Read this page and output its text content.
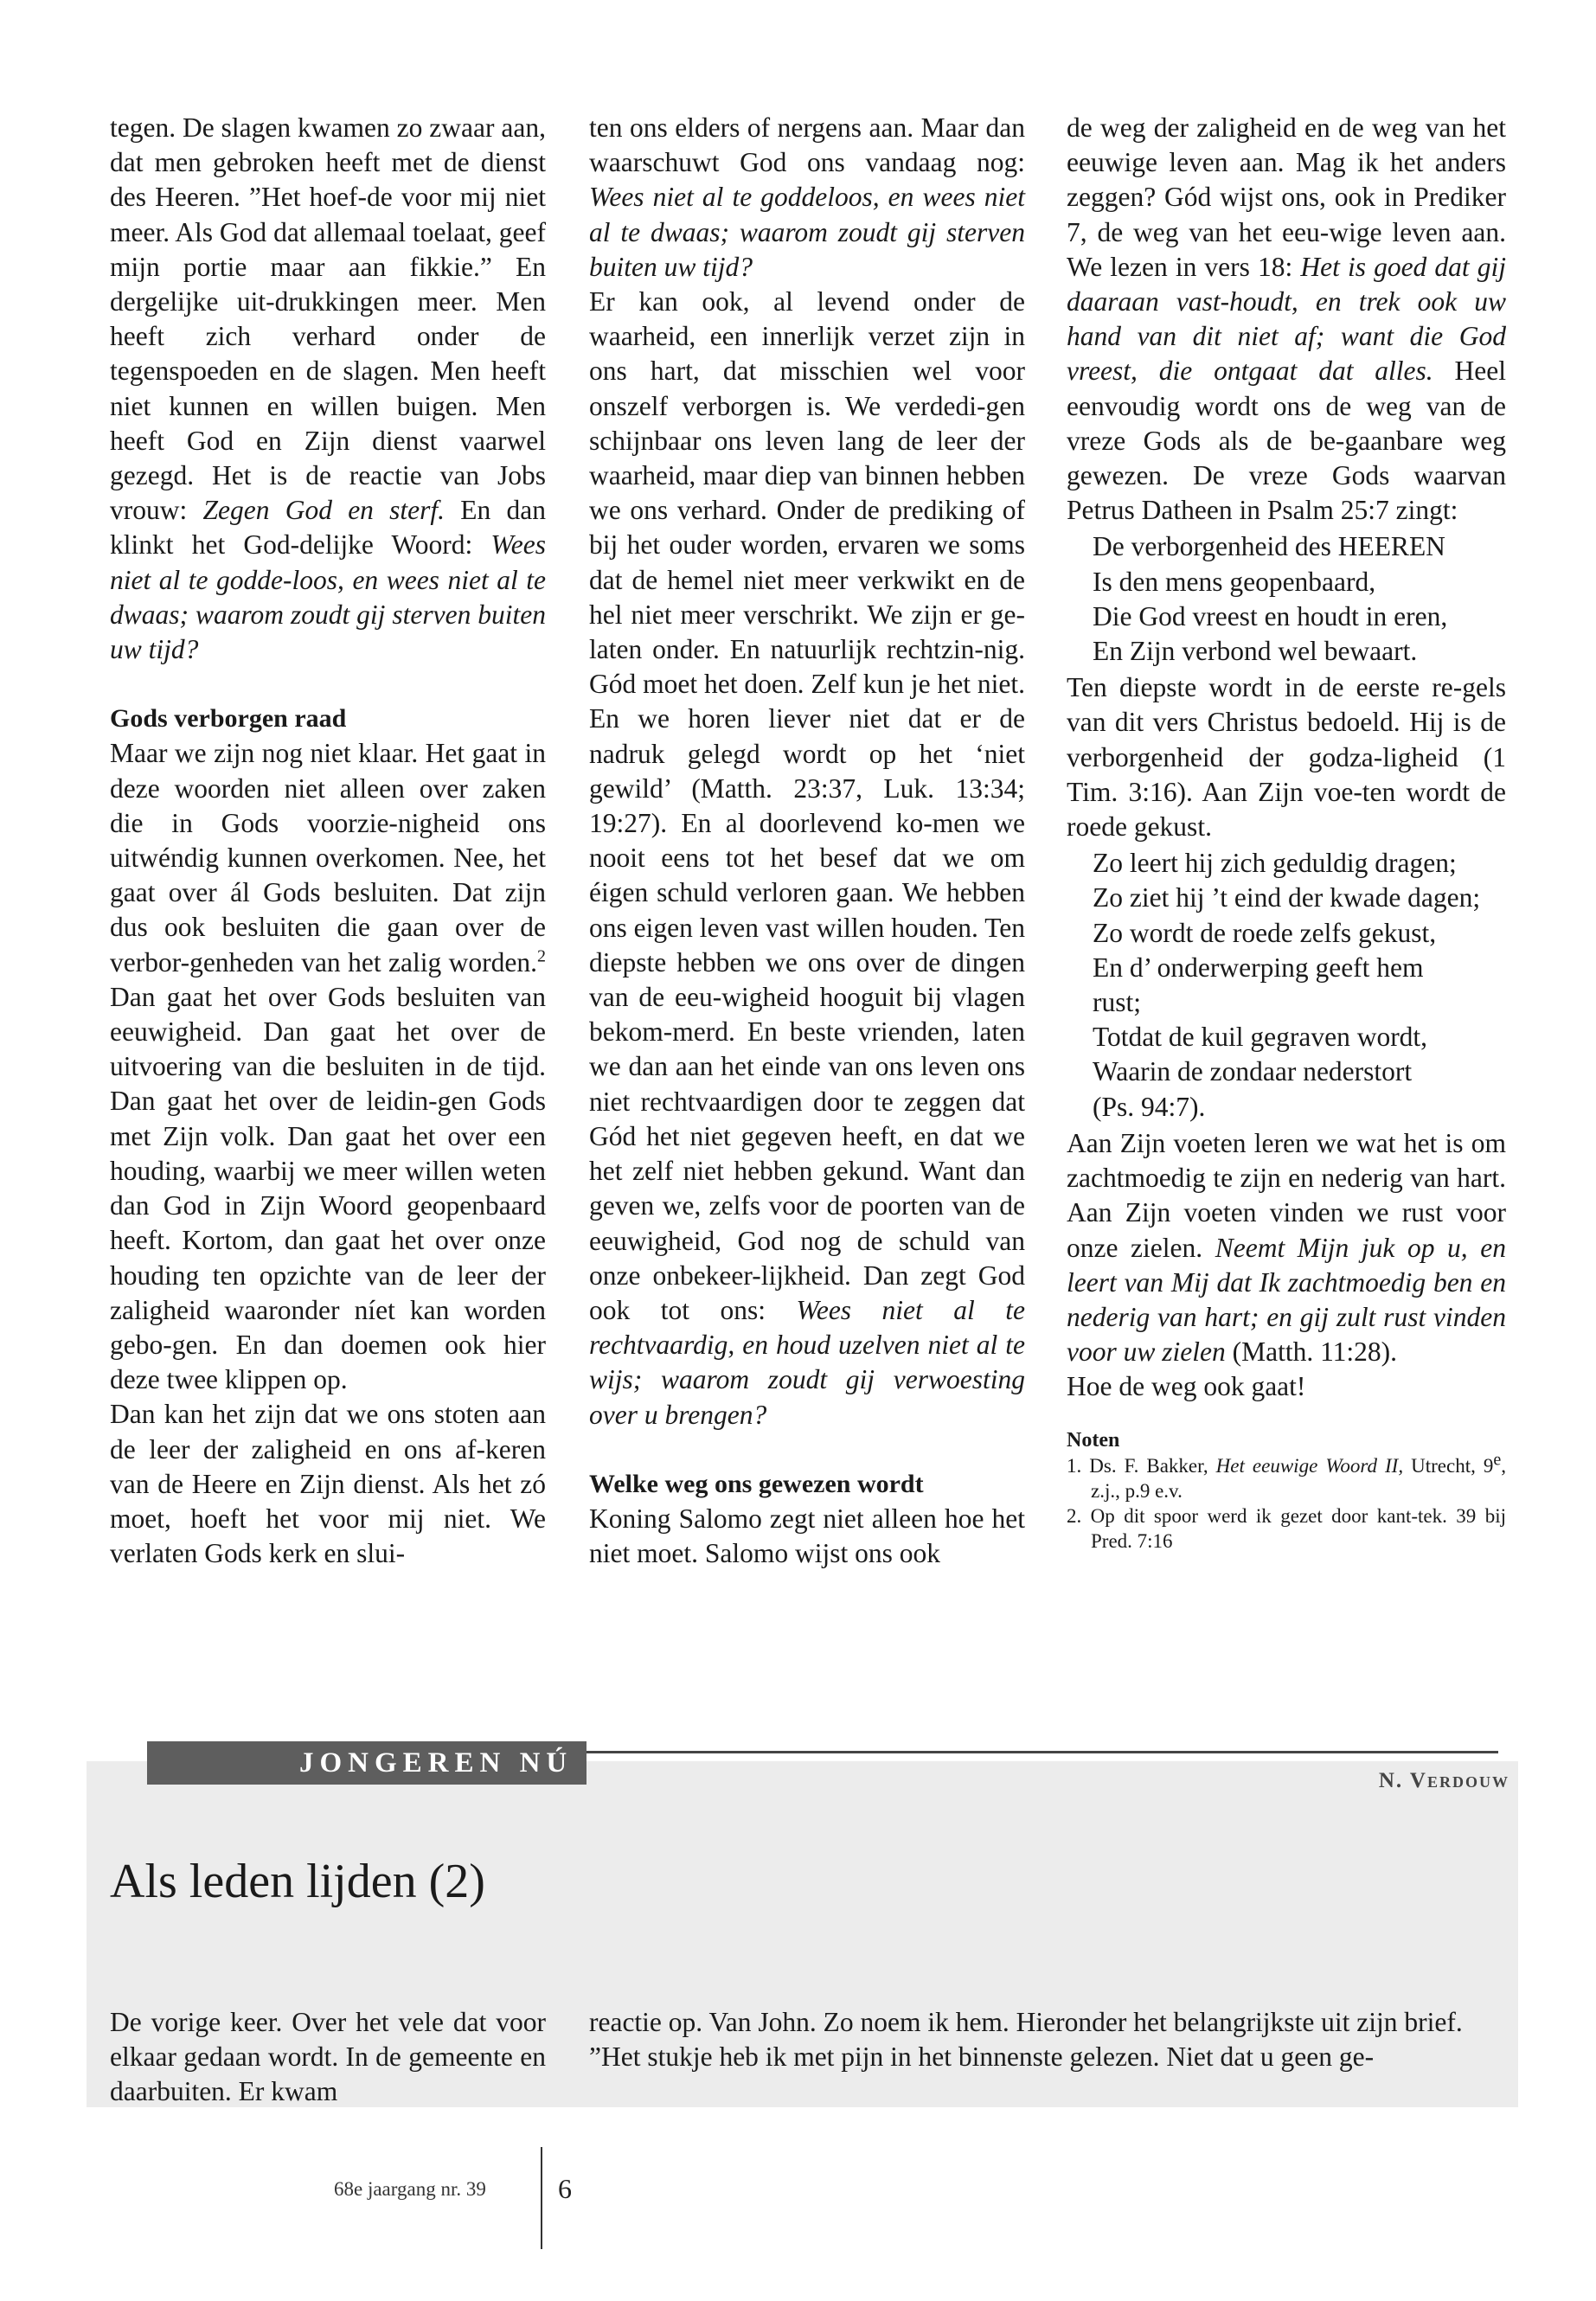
tegen. De slagen kwamen zo zwaar aan, dat men gebroken heeft met de dienst des Heeren. ”Het hoef-de voor mij niet meer. Als God dat allemaal toelaat, geef mijn portie maar aan fikkie.” En dergelijke uit-drukkingen meer. Men heeft zich verhard onder de tegenspoeden en de slagen. Men heeft niet kunnen en willen buigen. Men heeft God en Zijn dienst vaarwel gezegd. Het is de reactie van Jobs vrouw: Zegen God en sterf. En dan klinkt het God-delijke Woord: Wees niet al te godde-loos, en wees niet al te dwaas; waarom zoudt gij sterven buiten uw tijd?

Gods verborgen raad

Maar we zijn nog niet klaar. Het gaat in deze woorden niet alleen over zaken die in Gods voorzie-nigheid ons uitwéndig kunnen overkomen. Nee, het gaat over ál Gods besluiten. Dat zijn dus ook besluiten die gaan over de verbor-genheden van het zalig worden.$^2$ Dan gaat het over Gods besluiten van eeuwigheid. Dan gaat het over de uitvoering van die besluiten in de tijd. Dan gaat het over de leidin-gen Gods met Zijn volk. Dan gaat het over een houding, waarbij we meer willen weten dan God in Zijn Woord geopenbaard heeft. Kortom, dan gaat het over onze houding ten opzichte van de leer der zaligheid waaronder níet kan worden gebo-gen. En dan doemen ook hier deze twee klippen op.

Dan kan het zijn dat we ons stoten aan de leer der zaligheid en ons af-keren van de Heere en Zijn dienst. Als het zó moet, hoeft het voor mij niet. We verlaten Gods kerk en slui-

ten ons elders of nergens aan. Maar dan waarschuwt God ons vandaag nog: Wees niet al te goddeloos, en wees niet al te dwaas; waarom zoudt gij sterven buiten uw tijd?

Er kan ook, al levend onder de waarheid, een innerlijk verzet zijn in ons hart, dat misschien wel voor onszelf verborgen is. We verdedi-gen schijnbaar ons leven lang de leer der waarheid, maar diep van binnen hebben we ons verhard. Onder de prediking of bij het ouder worden, ervaren we soms dat de hemel niet meer verkwikt en de hel niet meer verschrikt. We zijn er ge-laten onder. En natuurlijk rechtzin-nig. Gód moet het doen. Zelf kun je het niet. En we horen liever niet dat er de nadruk gelegd wordt op het ‘niet gewild’ (Matth. 23:37, Luk. 13:34; 19:27). En al doorlevend ko-men we nooit eens tot het besef dat we om éigen schuld verloren gaan. We hebben ons eigen leven vast willen houden. Ten diepste hebben we ons over de dingen van de eeu-wigheid hooguit bij vlagen bekom-merd. En beste vrienden, laten we dan aan het einde van ons leven ons niet rechtvaardigen door te zeggen dat Gód het niet gegeven heeft, en dat we het zelf niet hebben gekund. Want dan geven we, zelfs voor de poorten van de eeuwigheid, God nog de schuld van onze onbekeer-lijkheid. Dan zegt God ook tot ons: Wees niet al te rechtvaardig, en houd uzelven niet al te wijs; waarom zoudt gij verwoesting over u brengen?

Welke weg ons gewezen wordt

Koning Salomo zegt niet alleen hoe het niet moet. Salomo wijst ons ook

de weg der zaligheid en de weg van het eeuwige leven aan. Mag ik het anders zeggen? Gód wijst ons, ook in Prediker 7, de weg van het eeu-wige leven aan. We lezen in vers 18: Het is goed dat gij daaraan vast-houdt, en trek ook uw hand van dit niet af; want die God vreest, die ontgaat dat alles. Heel eenvoudig wordt ons de weg van de vreze Gods als de be-gaanbare weg gewezen. De vreze Gods waarvan Petrus Datheen in Psalm 25:7 zingt:

De verborgenheid des HEEREN
Is den mens geopenbaard,
Die God vreest en houdt in eren,
En Zijn verbond wel bewaart.

Ten diepste wordt in de eerste re-gels van dit vers Christus bedoeld. Hij is de verborgenheid der godza-ligheid (1 Tim. 3:16). Aan Zijn voe-ten wordt de roede gekust.

Zo leert hij zich geduldig dragen;
Zo ziet hij ’t eind der kwade dagen;
Zo wordt de roede zelfs gekust,
En d’ onderwerping geeft hem
rust;
Totdat de kuil gegraven wordt,
Waarin de zondaar nederstort
(Ps. 94:7).

Aan Zijn voeten leren we wat het is om zachtmoedig te zijn en nederig van hart. Aan Zijn voeten vinden we rust voor onze zielen. Neemt Mijn juk op u, en leert van Mij dat Ik zachtmoedig ben en nederig van hart; en gij zult rust vinden voor uw zielen (Matth. 11:28).

Hoe de weg ook gaat!

Noten
1. Ds. F. Bakker, Het eeuwige Woord II, Utrecht, 9e, z.j., p.9 e.v.
2. Op dit spoor werd ik gezet door kant-tek. 39 bij Pred. 7:16
JONGEREN NÚ
N. Verdouw
Als leden lijden (2)

De vorige keer. Over het vele dat voor elkaar gedaan wordt. In de gemeente en daarbuiten. Er kwam

reactie op. Van John. Zo noem ik hem. Hieronder het belangrijkste uit zijn brief.

”Het stukje heb ik met pijn in het binnenste gelezen. Niet dat u geen ge-

68e jaargang nr. 39	6
